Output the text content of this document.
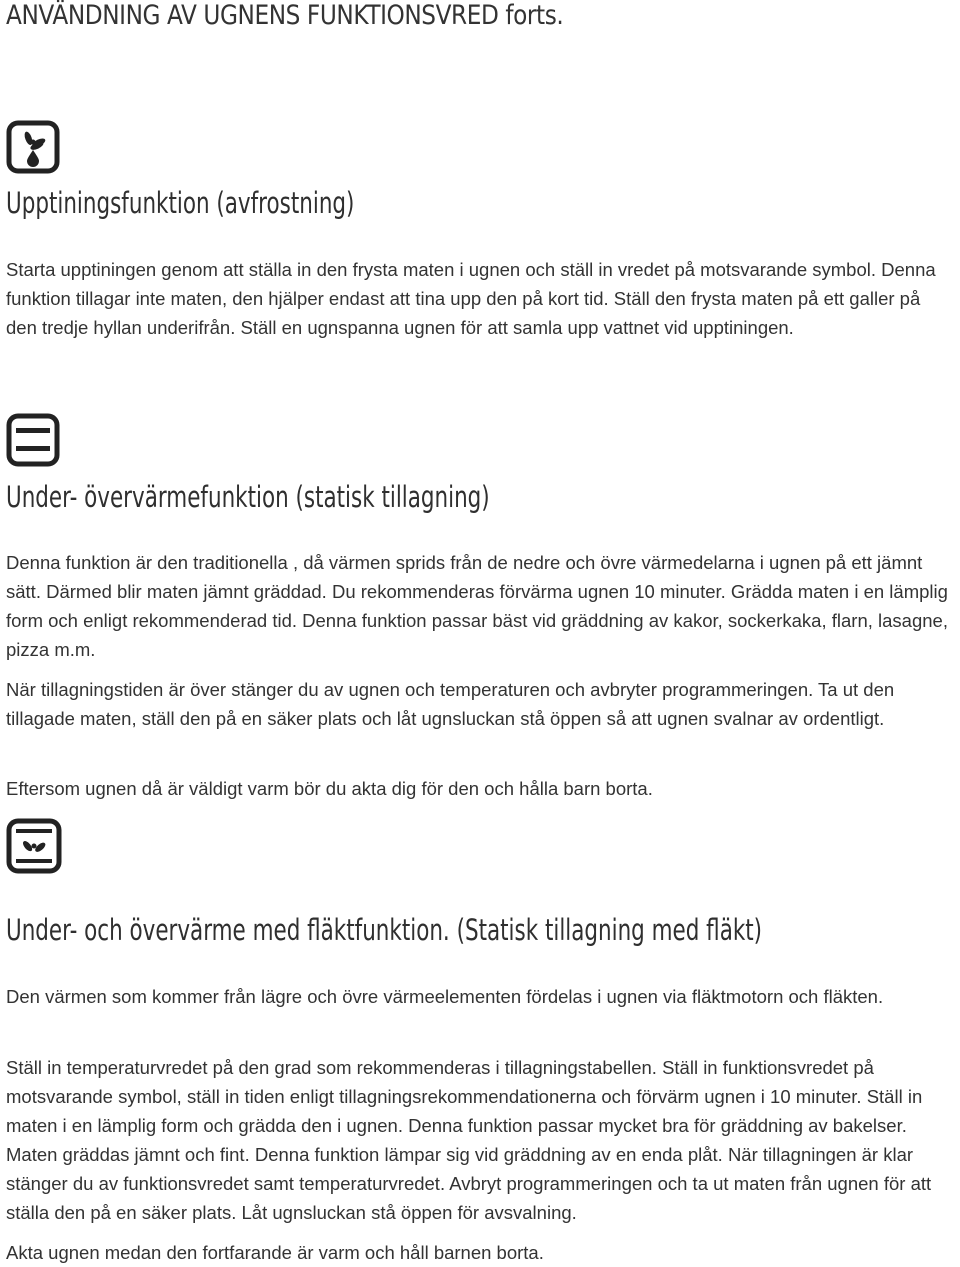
ANVÄNDNING AV UGNENS FUNKTIONSVRED forts.
Upptiningsfunktion (avfrostning)

Starta upptiningen genom att ställa in den frysta maten i ugnen och ställ in vredet på motsvarande symbol. Denna funktion tillagar inte maten, den hjälper endast att tina upp den på kort tid. Ställ den frysta maten på ett galler på den tredje hyllan underifrån. Ställ en ugnspanna ugnen för att samla upp vattnet vid upptiningen.

Under- övervärmefunktion (statisk tillagning)

Denna funktion är den traditionella , då värmen sprids från de nedre och övre värmedelarna i ugnen på ett jämnt sätt. Därmed blir maten jämnt gräddad. Du rekommenderas förvärma ugnen 10 minuter. Grädda maten i en lämplig form och enligt rekommenderad tid. Denna funktion passar bäst vid gräddning av kakor, sockerkaka, flarn, lasagne, pizza m.m.

När tillagningstiden är över stänger du av ugnen och temperaturen och avbryter programmeringen. Ta ut den tillagade maten, ställ den på en säker plats och låt ugnsluckan stå öppen så att ugnen svalnar av ordentligt.

Eftersom ugnen då är väldigt varm bör du akta dig för den och hålla barn borta.

Under- och övervärme med fläktfunktion. (Statisk tillagning med fläkt)

Den värmen som kommer från lägre och övre värmeelementen fördelas i ugnen via fläktmotorn och fläkten.

Ställ in temperaturvredet på den grad som rekommenderas i tillagningstabellen. Ställ in funktionsvredet på motsvarande symbol, ställ in tiden enligt tillagningsrekommendationerna och förvärm ugnen i 10 minuter. Ställ in maten i en lämplig form och grädda den i ugnen. Denna funktion passar mycket bra för gräddning av bakelser. Maten gräddas jämnt och fint. Denna funktion lämpar sig vid gräddning av en enda plåt. När tillagningen är klar stänger du av funktionsvredet samt temperaturvredet. Avbryt programmeringen och ta ut maten från ugnen för att ställa den på en säker plats. Låt ugnsluckan stå öppen för avsvalning.

Akta ugnen medan den fortfarande är varm och håll barnen borta.
